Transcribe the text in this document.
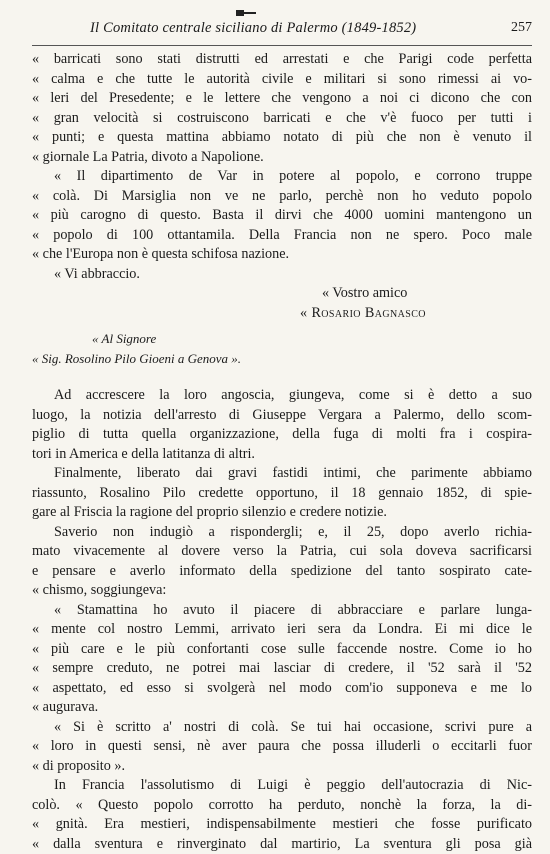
Il Comitato centrale siciliano di Palermo (1849-1852)	257
« barricati sono stati distrutti ed arrestati e che Parigi code perfetta
« calma e che tutte le autorità civile e militari si sono rimessi ai vo-
« leri del Presedente; e le lettere che vengono a noi ci dicono che con
« gran velocità si costruiscono barricati e che v'è fuoco per tutti i
« punti; e questa mattina abbiamo notato di più che non è venuto il
« giornale La Patria, divoto a Napolione.
« Il dipartimento de Var in potere al popolo, e corrono truppe
« colà. Di Marsiglia non ve ne parlo, perchè non ho veduto popolo
« più carogno di questo. Basta il dirvi che 4000 uomini mantengono un
« popolo di 100 ottantamila. Della Francia non ne spero. Poco male
« che l'Europa non è questa schifosa nazione.
« Vi abbraccio.
« Vostro amico
« Rosario Bagnasco
« Al Signore
« Sig. Rosolino Pilo Gioeni a Genova ».
Ad accrescere la loro angoscia, giungeva, come si è detto a suo
luogo, la notizia dell'arresto di Giuseppe Vergara a Palermo, dello scom-
piglio di tutta quella organizzazione, della fuga di molti fra i cospira-
tori in America e della latitanza di altri.
Finalmente, liberato dai gravi fastidi intimi, che parimente abbiamo
riassunto, Rosalino Pilo credette opportuno, il 18 gennaio 1852, di spie-
gare al Friscia la ragione del proprio silenzio e credere notizie.
Saverio non indugiò a rispondergli; e, il 25, dopo averlo richia-
mato vivacemente al dovere verso la Patria, cui sola doveva sacrificarsi
e pensare e averlo informato della spedizione del tanto sospirato cate-
« chismo, soggiungeva:
« Stamattina ho avuto il piacere di abbracciare e parlare lunga-
« mente col nostro Lemmi, arrivato ieri sera da Londra. Ei mi dice le
« più care e le più confortanti cose sulle faccende nostre. Come io ho
« sempre creduto, ne potrei mai lasciar di credere, il '52 sarà il '52
« aspettato, ed esso si svolgerà nel modo com'io supponeva e me lo
« augurava.
« Si è scritto a' nostri di colà. Se tui hai occasione, scrivi pure a
« loro in questi sensi, nè aver paura che possa illuderli o eccitarli fuor
« di proposito ».
In Francia l'assolutismo di Luigi è peggio dell'autocrazia di Nic-
colò. « Questo popolo corrotto ha perduto, nonchè la forza, la di-
« gnità. Era mestieri, indispensabilmente mestieri che fosse purificato
« dalla sventura e rinverginato dal martirio, La sventura gli posa già
